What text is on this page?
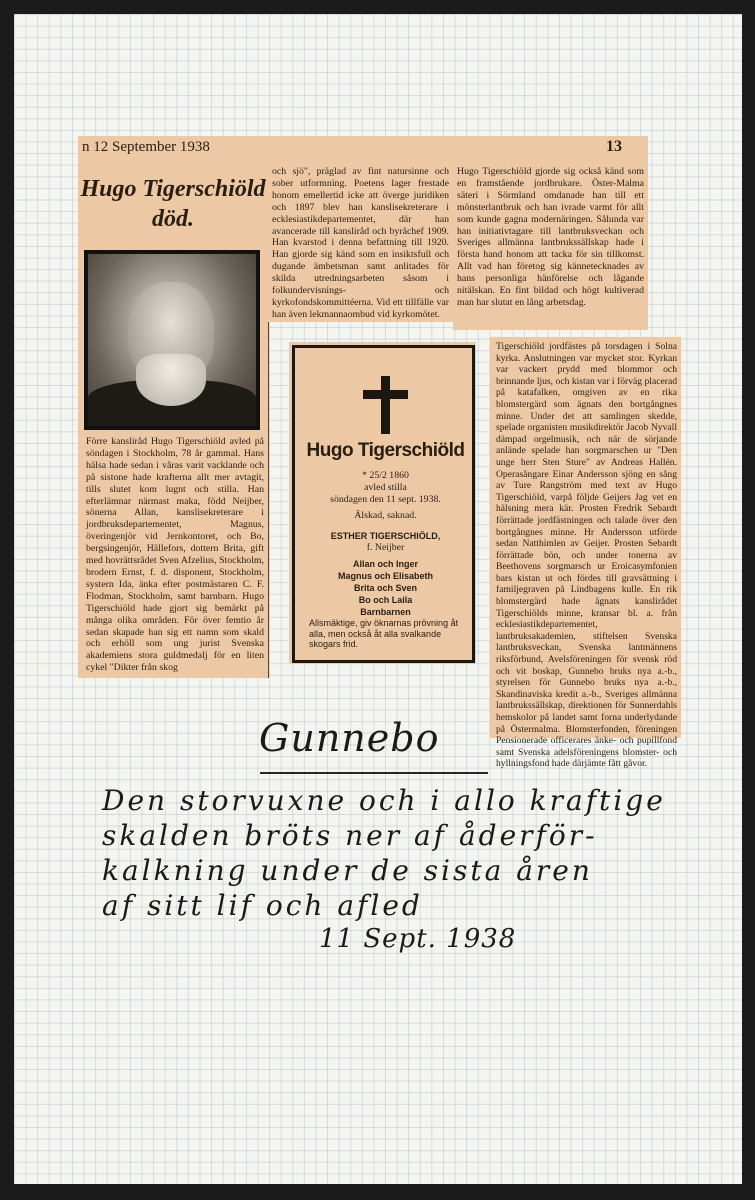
n 12 September 1938	13
Hugo Tigerschiöld
död.

Förre kansliråd Hugo Tigerschiöld avled på söndagen i Stockholm, 78 år gammal. Hans hälsa hade sedan i våras varit vacklande och på sistone hade krafterna allt mer avtagit, tills slutet kom lugnt och stilla. Han efterlämnar närmast maka, född Neijber, sönerna Allan, kanslisekreterare i jordbruksdepartementet, Magnus, överingenjör vid Jernkontoret, och Bo, bergsingenjör, Hällefors, dottern Brita, gift med hovrättsrådet Sven Afzelius, Stockholm, brodern Ernst, f. d. disponent, Stockholm, systern Ida, änka efter postmästaren C. F. Flodman, Stockholm, samt barnbarn. Hugo Tigerschiöld hade gjort sig bemärkt på många olika områden. För över femtio år sedan skapade han sig ett namn som skald och erhöll som ung jurist Svenska akademiens stora guldmedalj för en liten cykel "Dikter från skog

och sjö", präglad av fint natursinne och sober utformning. Poetens lager frestade honom emellertid icke att överge juridiken och 1897 blev han kanslisekreterare i ecklesiastikdepartementet, där han avancerade till kansliråd och byråchef 1909. Han kvarstod i denna befattning till 1920. Han gjorde sig känd som en insiktsfull och dugande ämbetsman samt anlitades för skilda utredningsarbeten såsom i folkundervisnings- och kyrkofondskommittéerna. Vid ett tillfälle var han även lekmannaombud vid kyrkomötet.

Hugo Tigerschiöld gjorde sig också känd som en framstående jordbrukare. Öster-Malma säteri i Sörmland omdanade han till ett mönsterlantbruk och han ivrade varmt för allt som kunde gagna modernäringen. Sålunda var han initiativtagare till lantbruksveckan och Sveriges allmänna lantbrukssällskap hade i första hand honom att tacka för sin tillkomst. Allt vad han företog sig kännetecknades av hans personliga hänförelse och lågande nitälskan. En fint bildad och högt kultiverad man har slutat en lång arbetsdag.

Hugo Tigerschiöld
* 25/2 1860
avled stilla
söndagen den 11 sept. 1938.
Älskad, saknad.
ESTHER TIGERSCHIÖLD,
f. Neijber
Allan och Inger
Magnus och Elisabeth
Brita och Sven
Bo och Laila
Barnbarnen
Allsmäktige, giv öknarnas prövning åt alla, men också åt alla svalkande skogars frid.

Tigerschiöld jordfästes på torsdagen i Solna kyrka. Anslutningen var mycket stor. Kyrkan var vackert prydd med blommor och brinnande ljus, och kistan var i förväg placerad på katafalken, omgiven av en rika blomstergärd som ägnats den bortgångnes minne. Under det att samlingen skedde, spelade organisten musikdirektör Jacob Nyvall dämpad orgelmusik, och när de sörjande anlände spelade han sorgmarschen ur "Den unge herr Sten Sture" av Andreas Hallén. Operasångare Einar Andersson sjöng en sång av Ture Rangström med text av Hugo Tigerschiöld, varpå följde Geijers Jag vet en hälsning mera kär. Prosten Fredrik Sebardt förrättade jordfästningen och talade över den bortgångnes minne. Hr Andersson utförde sedan Natthimlen av Geijer. Prosten Sebardt förrättade bön, och under tonerna av Beethovens sorgmarsch ur Eroicasymfonien bars kistan ut och fördes till gravsättning i familjegraven på Lindbagens kulle. En rik blomstergärd hade ägnats kanslirådet Tigerschiölds minne, kransar bl. a. från ecklesiastikdepartementet, lantbruksakademien, stiftelsen Svenska lantbruksveckan, Svenska lantmännens riksförbund, Avelsföreningen för svensk röd och vit boskap, Gunnebo bruks nya a.-b., styrelsen för Gunnebo bruks nya a.-b., Skandinaviska kredit a.-b., Sveriges allmänna lantbrukssällskap, direktionen för Sunnerdahls hemskolor på landet samt forna underlydande på Östermalma. Blomsterfonden, föreningen Pensionerade officerares änke- och pupillfond samt Svenska adelsföreningens blomster- och hyllningsfond hade därjämte fått gåvor.

Gunnebo
Den storvuxne och i allo kraftige
skalden bröts ner af åderför-
kalkning under de sista åren
af sitt lif och afled
11 Sept. 1938
